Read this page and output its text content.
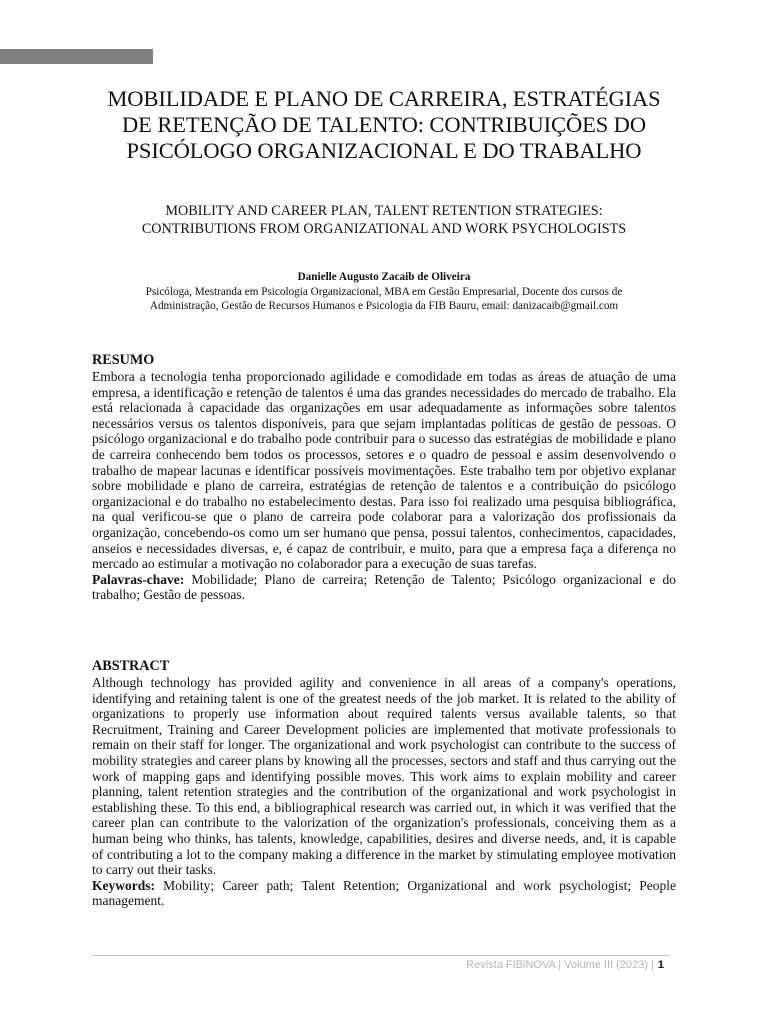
MOBILIDADE E PLANO DE CARREIRA, ESTRATÉGIAS
DE RETENÇÃO DE TALENTO: CONTRIBUIÇÕES DO
PSICÓLOGO ORGANIZACIONAL E DO TRABALHO
MOBILITY AND CAREER PLAN, TALENT RETENTION STRATEGIES:
CONTRIBUTIONS FROM ORGANIZATIONAL AND WORK PSYCHOLOGISTS
Danielle Augusto Zacaib de Oliveira
Psicóloga, Mestranda em Psicologia Organizacional, MBA em Gestão Empresarial, Docente dos cursos de
Administração, Gestão de Recursos Humanos e Psicologia da FIB Bauru, email: danizacaib@gmail.com
RESUMO
Embora a tecnologia tenha proporcionado agilidade e comodidade em todas as áreas de atuação de uma empresa, a identificação e retenção de talentos é uma das grandes necessidades do mercado de trabalho. Ela está relacionada à capacidade das organizações em usar adequadamente as informações sobre talentos necessários versus os talentos disponíveis, para que sejam implantadas políticas de gestão de pessoas. O psicólogo organizacional e do trabalho pode contribuir para o sucesso das estratégias de mobilidade e plano de carreira conhecendo bem todos os processos, setores e o quadro de pessoal e assim desenvolvendo o trabalho de mapear lacunas e identificar possíveis movimentações. Este trabalho tem por objetivo explanar sobre mobilidade e plano de carreira, estratégias de retenção de talentos e a contribuição do psicólogo organizacional e do trabalho no estabelecimento destas. Para isso foi realizado uma pesquisa bibliográfica, na qual verificou-se que o plano de carreira pode colaborar para a valorização dos profissionais da organização, concebendo-os como um ser humano que pensa, possui talentos, conhecimentos, capacidades, anseios e necessidades diversas, e, é capaz de contribuir, e muito, para que a empresa faça a diferença no mercado ao estimular a motivação no colaborador para a execução de suas tarefas.
Palavras-chave: Mobilidade; Plano de carreira; Retenção de Talento; Psicólogo organizacional e do trabalho; Gestão de pessoas.
ABSTRACT
Although technology has provided agility and convenience in all areas of a company's operations, identifying and retaining talent is one of the greatest needs of the job market. It is related to the ability of organizations to properly use information about required talents versus available talents, so that Recruitment, Training and Career Development policies are implemented that motivate professionals to remain on their staff for longer. The organizational and work psychologist can contribute to the success of mobility strategies and career plans by knowing all the processes, sectors and staff and thus carrying out the work of mapping gaps and identifying possible moves. This work aims to explain mobility and career planning, talent retention strategies and the contribution of the organizational and work psychologist in establishing these. To this end, a bibliographical research was carried out, in which it was verified that the career plan can contribute to the valorization of the organization's professionals, conceiving them as a human being who thinks, has talents, knowledge, capabilities, desires and diverse needs, and, it is capable of contributing a lot to the company making a difference in the market by stimulating employee motivation to carry out their tasks.
Keywords: Mobility; Career path; Talent Retention; Organizational and work psychologist; People management.
Revista FIBiNOVA | Volume III (2023) | 1
